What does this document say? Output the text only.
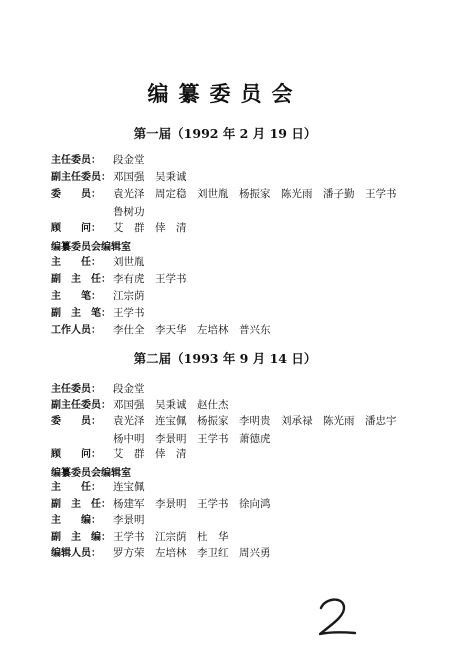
编纂委员会
第一届（1992 年 2 月 19 日）
主任委员： 段金堂
副主任委员： 邓国强　吴秉诚
委　　员： 袁光泽　周定稳　刘世胤　杨振家　陈光雨　潘子勤　王学书
鲁树功
顾　　问： 艾　群　倖　清
编纂委员会编辑室
主　　任： 刘世胤
副　主　任： 李有虎　王学书
主　　笔： 江宗荫
副　主　笔： 王学书
工作人员： 李仕全　李天华　左培林　普兴东
第二届（1993 年 9 月 14 日）
主任委员： 段金堂
副主任委员： 邓国强　吴秉诚　赵仕杰
委　　员： 袁光泽　连宝佩　杨振家　李明贵　刘承禄　陈光雨　潘忠宇
杨中明　李景明　王学书　萧德虎
顾　　问： 艾　群　倖　清
编纂委员会编辑室
主　　任： 连宝佩
副　主　任： 杨建军　李景明　王学书　徐向鸿
主　　编： 李景明
副　主　编： 王学书　江宗荫　杜　华
编辑人员： 罗方荣　左培林　李卫红　周兴勇
